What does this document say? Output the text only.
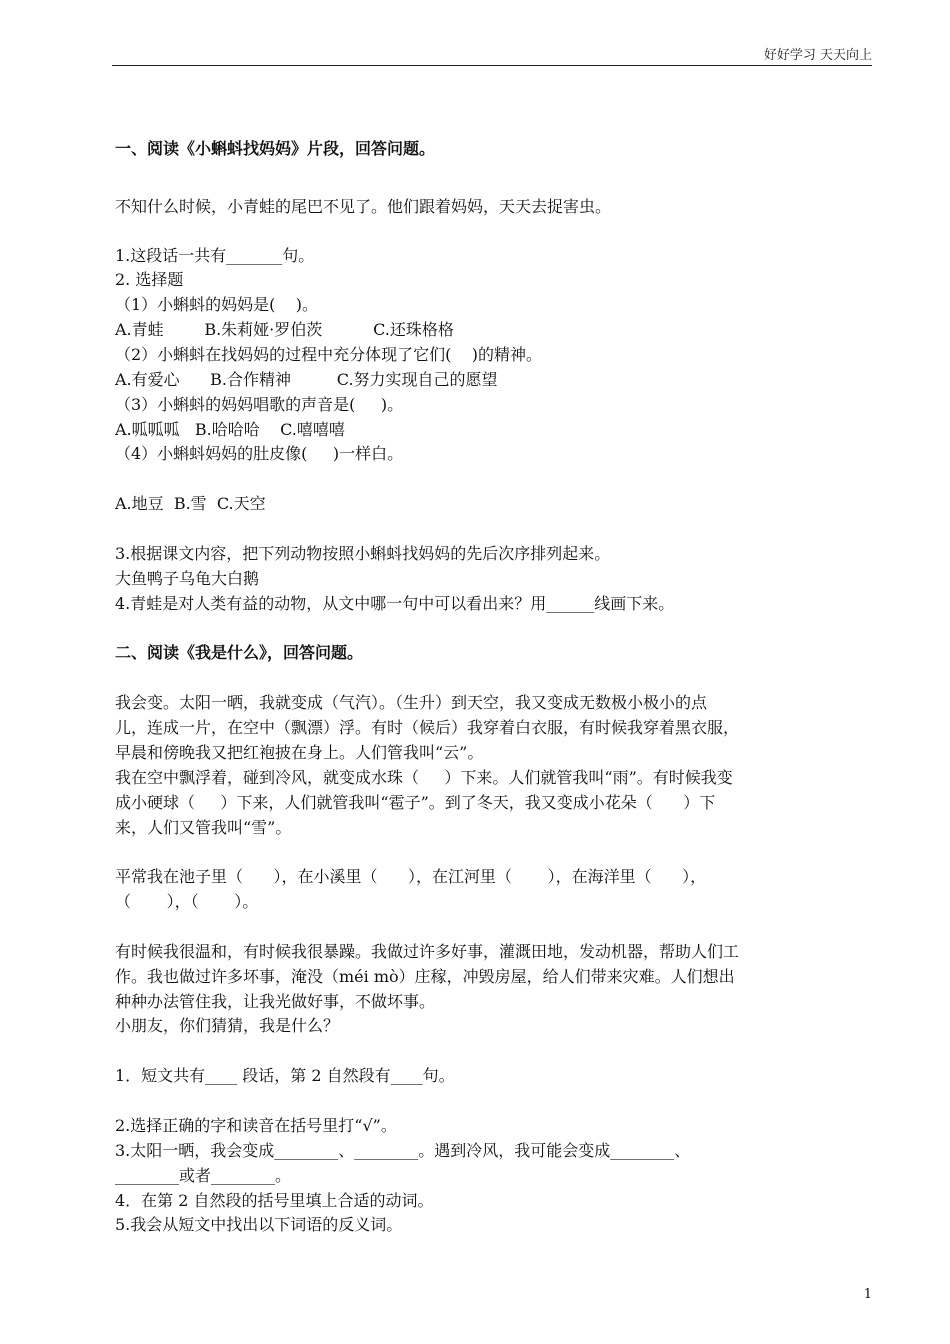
好好学习 天天向上
一、阅读《小蝌蚪找妈妈》片段，回答问题。
不知什么时候，小青蛙的尾巴不见了。他们跟着妈妈，天天去捉害虫。
1.这段话一共有_______句。
2. 选择题
（1）小蝌蚪的妈妈是(    )。
A.青蛙        B.朱莉娅·罗伯茨          C.还珠格格
（2）小蝌蚪在找妈妈的过程中充分体现了它们(    )的精神。
A.有爱心      B.合作精神         C.努力实现自己的愿望
（3）小蝌蚪的妈妈唱歌的声音是(     )。
A.呱呱呱   B.哈哈哈    C.嘻嘻嘻
（4）小蝌蚪妈妈的肚皮像(     )一样白。
A.地豆  B.雪  C.天空
3.根据课文内容，把下列动物按照小蝌蚪找妈妈的先后次序排列起来。
大鱼鸭子乌龟大白鹅
4.青蛙是对人类有益的动物，从文中哪一句中可以看出来？用______线画下来。
二、阅读《我是什么》，回答问题。
我会变。太阳一晒，我就变成（气汽）。（生升）到天空，我又变成无数极小极小的点
儿，连成一片，在空中（飘漂）浮。有时（候后）我穿着白衣服，有时候我穿着黑衣服，
早晨和傍晚我又把红袍披在身上。人们管我叫“云”。
我在空中飘浮着，碰到冷风，就变成水珠（     ）下来。人们就管我叫“雨”。有时候我变
成小硬球（     ）下来，人们就管我叫“雹子”。到了冬天，我又变成小花朵（      ）下
来，人们又管我叫“雪”。
平常我在池子里（      ），在小溪里（      ），在江河里（       ），在海洋里（      ），
（       ），（       ）。
有时候我很温和，有时候我很暴躁。我做过许多好事，灌溉田地，发动机器，帮助人们工
作。我也做过许多坏事，淹没（méi mò）庄稼，冲毁房屋，给人们带来灾难。人们想出
种种办法管住我，让我光做好事，不做坏事。
小朋友，你们猜猜，我是什么？
1．短文共有____ 段话，第 2 自然段有____句。
2.选择正确的字和读音在括号里打“√”。
3.太阳一晒，我会变成________、________。遇到冷风，我可能会变成________、
________或者________。
4．在第 2 自然段的括号里填上合适的动词。
5.我会从短文中找出以下词语的反义词。
1
